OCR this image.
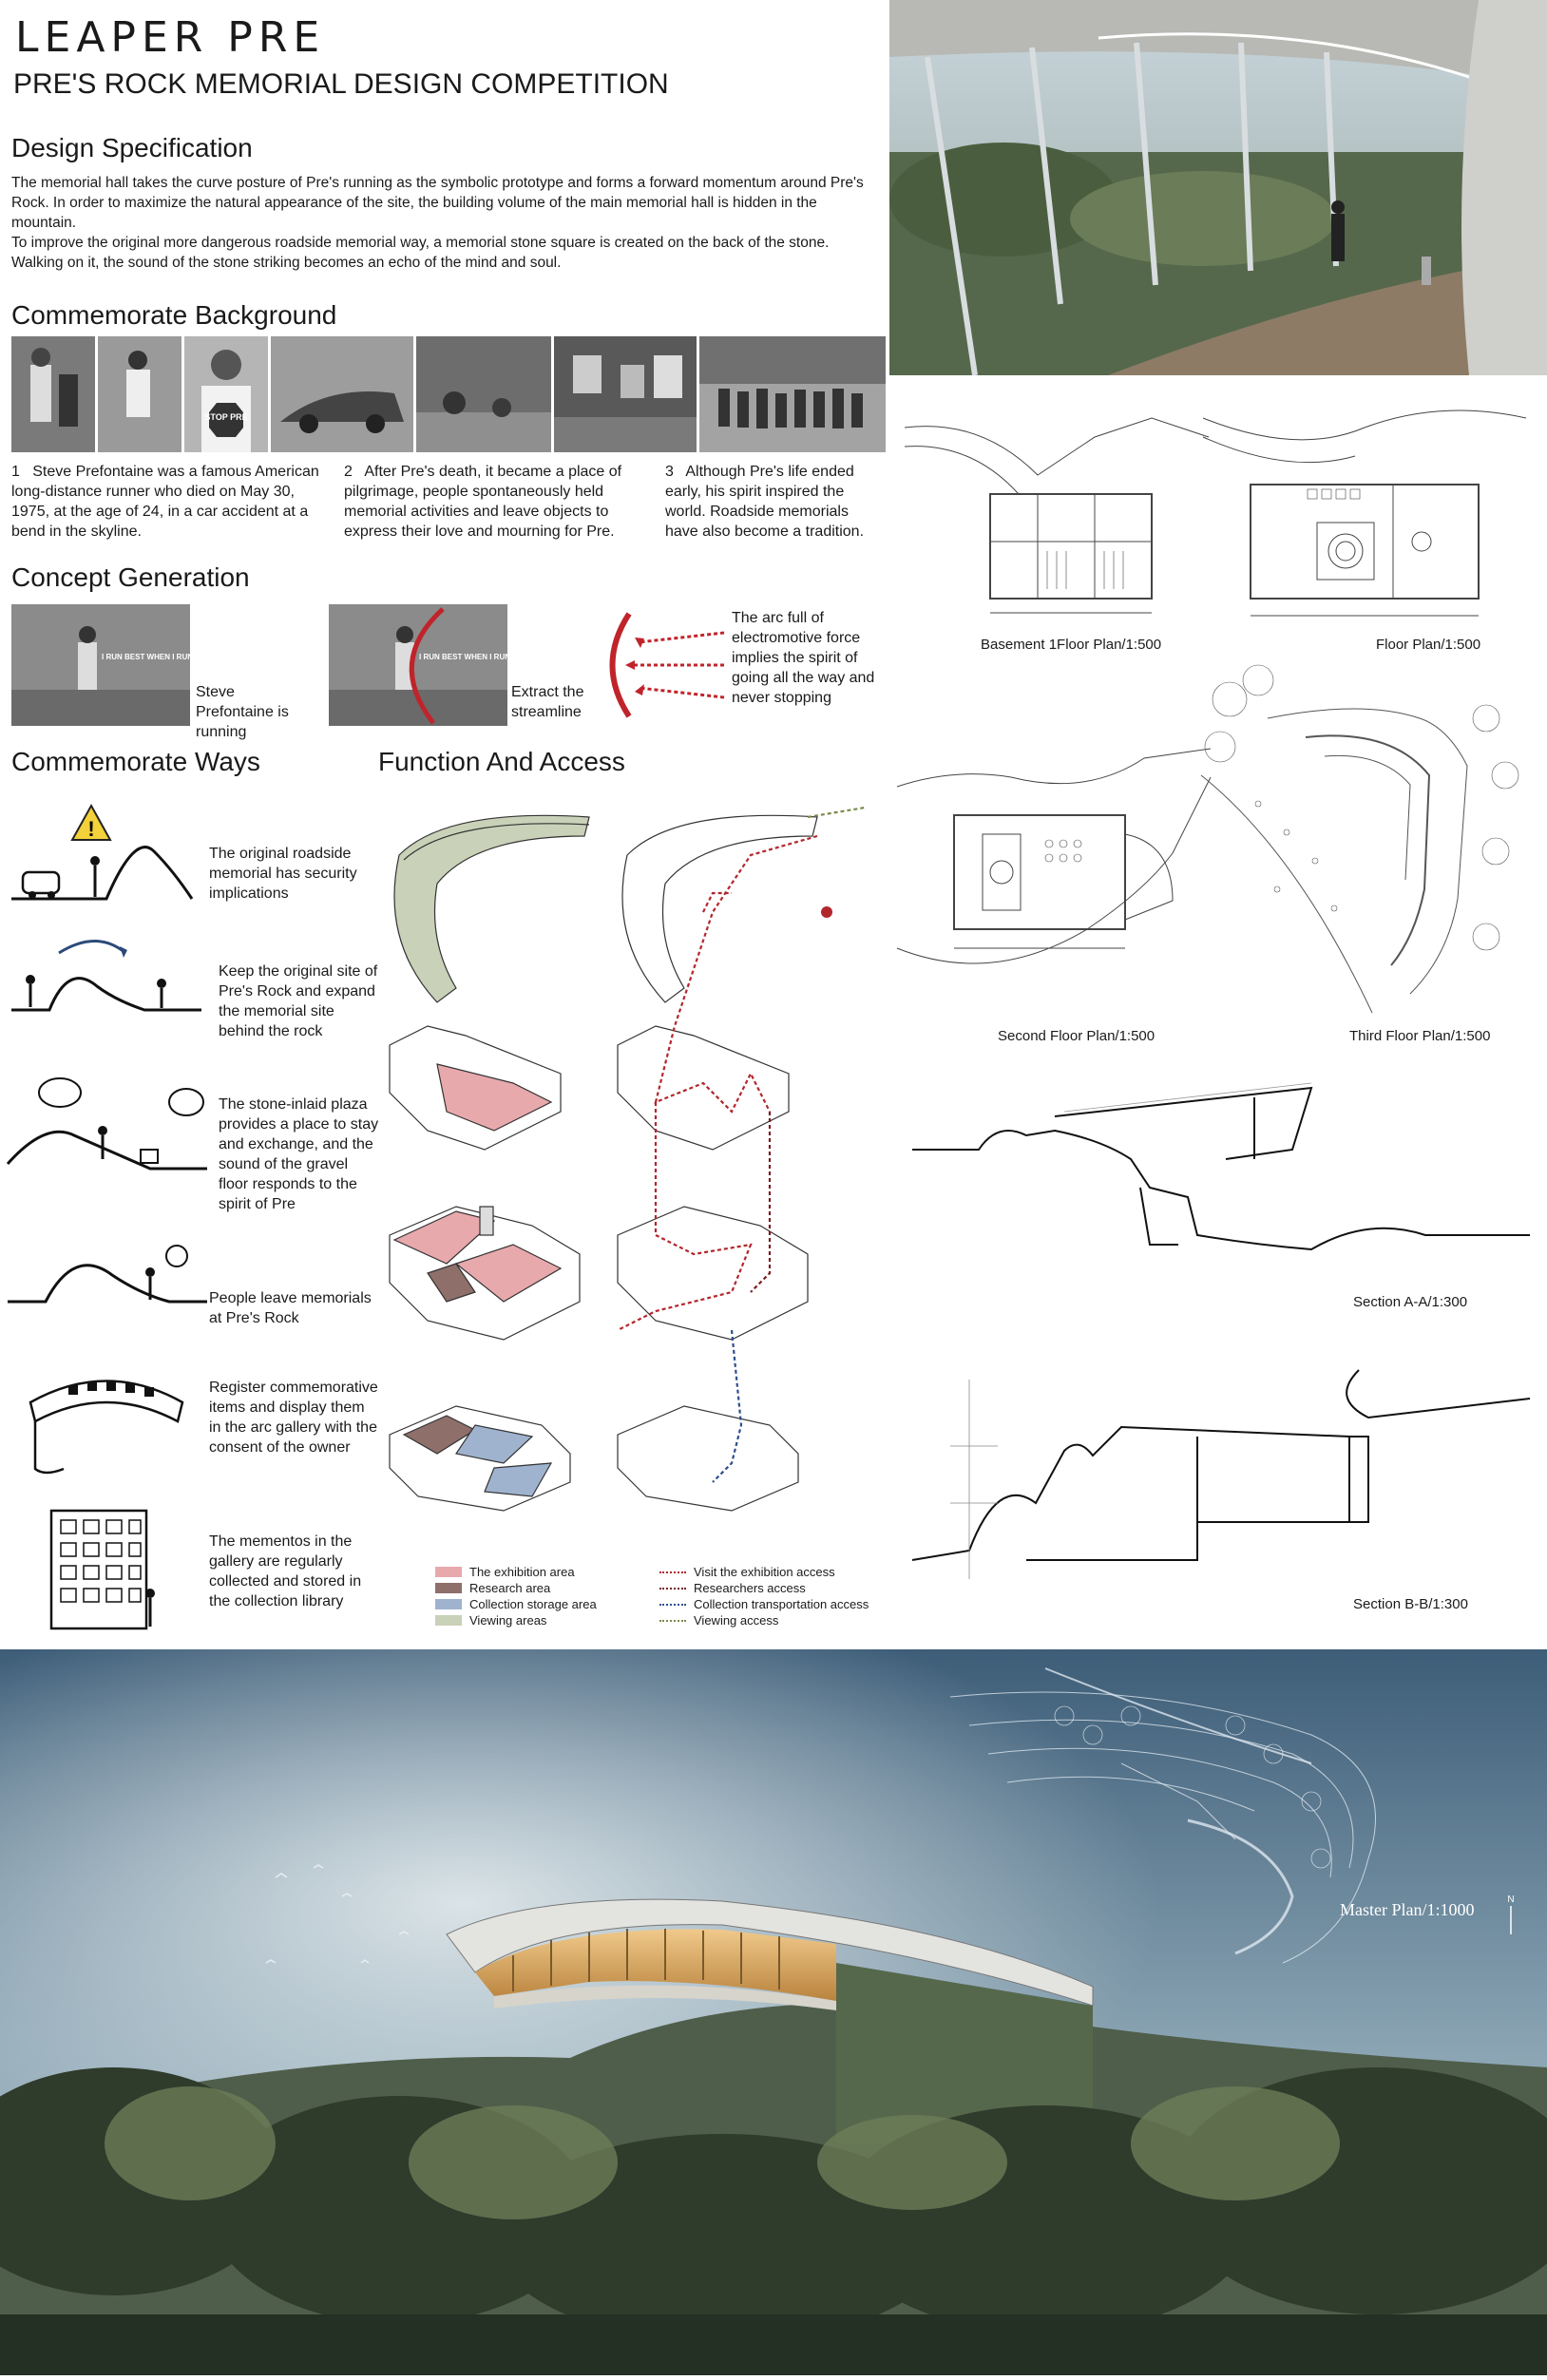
LEAPER PRE
PRE'S ROCK MEMORIAL DESIGN COMPETITION
Design Specification
The memorial hall takes the curve posture of Pre's running as the symbolic prototype and forms a forward momentum around Pre's Rock. In order to maximize the natural appearance of the site, the building volume of the main memorial hall is hidden in the mountain.
To improve the original more dangerous roadside memorial way, a memorial stone square is created on the back of the stone. Walking on it, the sound of the stone striking becomes an echo of the mind and soul.
Commemorate Background
STOP PRE
1 Steve Prefontaine was a famous American long-distance runner who died on May 30, 1975, at the age of 24, in a car accident at a bend in the skyline.
2 After Pre's death, it became a place of pilgrimage, people spontaneously held memorial activities and leave objects to express their love and mourning for Pre.
3 Although Pre's life ended early, his spirit inspired the world. Roadside memorials have also become a tradition.
Concept Generation
I RUN BEST WHEN I RUN FREE.
Steve Prefontaine is running
I RUN BEST WHEN I RUN FREE.
Extract the streamline
The arc full of electromotive force implies the spirit of going all the way and never stopping
Commemorate Ways
!
The original roadside memorial has security implications
Keep the original site of Pre's Rock and expand the memorial site behind the rock
The stone-inlaid plaza provides a place to stay and exchange, and the sound of the gravel floor responds to the spirit of Pre
People leave memorials at Pre's Rock
Register commemorative items and display them in the arc gallery with the consent of the owner
The mementos in the gallery are regularly collected and stored in the collection library
Function And Access
The exhibition area
Research area
Collection storage area
Viewing areas
Visit the exhibition access
Researchers access
Collection transportation access
Viewing access
Basement 1Floor Plan/1:500	Floor Plan/1:500
Second Floor Plan/1:500	Third Floor Plan/1:500
Section A-A/1:300
Section B-B/1:300
N
Master Plan/1:1000
